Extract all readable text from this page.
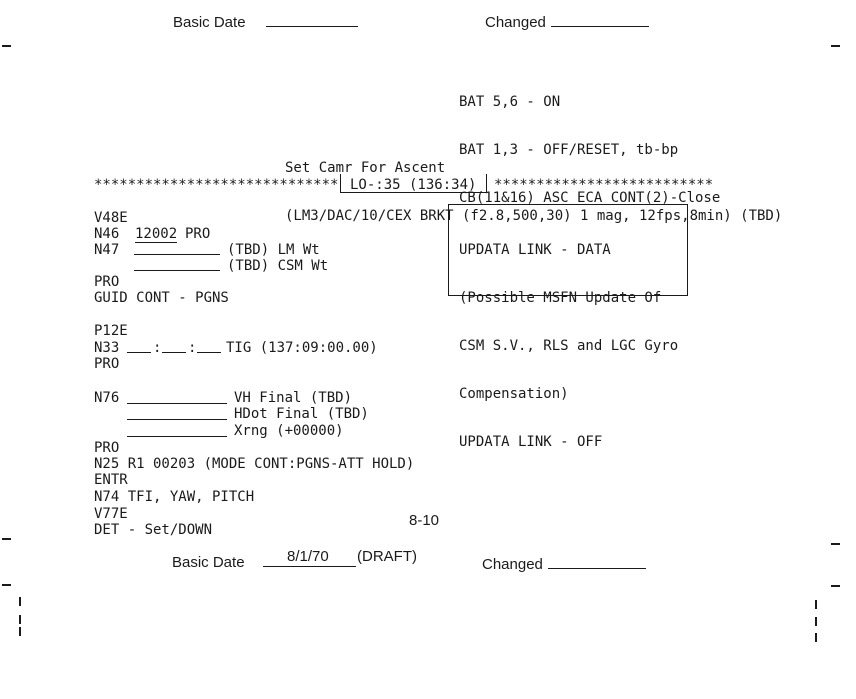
Basic Date	Changed

BAT 5,6 - ON

BAT 1,3 - OFF/RESET, tb-bp

CB(11&16) ASC ECA CONT(2)-Close

Set Camr For Ascent

(LM3/DAC/10/CEX BRKT (f2.8,500,30) 1 mag, 12fps,8min) (TBD)

***************************** LO-:35 (136:34) **************************

UPDATA LINK - DATA

(Possible MSFN Update Of

CSM S.V., RLS and LGC Gyro

Compensation)

UPDATA LINK - OFF

V48E
N46 12002 PRO
N47	(TBD) LM Wt
(TBD) CSM Wt
PRO
GUID CONT - PGNS
P12E
N33 : : TIG (137:09:00.00)
PRO
N76	VH Final (TBD)
HDot Final (TBD)
Xrng (+00000)
PRO
N25 R1 00203 (MODE CONT:PGNS-ATT HOLD)
ENTR
N74 TFI, YAW, PITCH
V77E
DET - Set/DOWN
8-10
Basic Date	8/1/70 (DRAFT)	Changed
